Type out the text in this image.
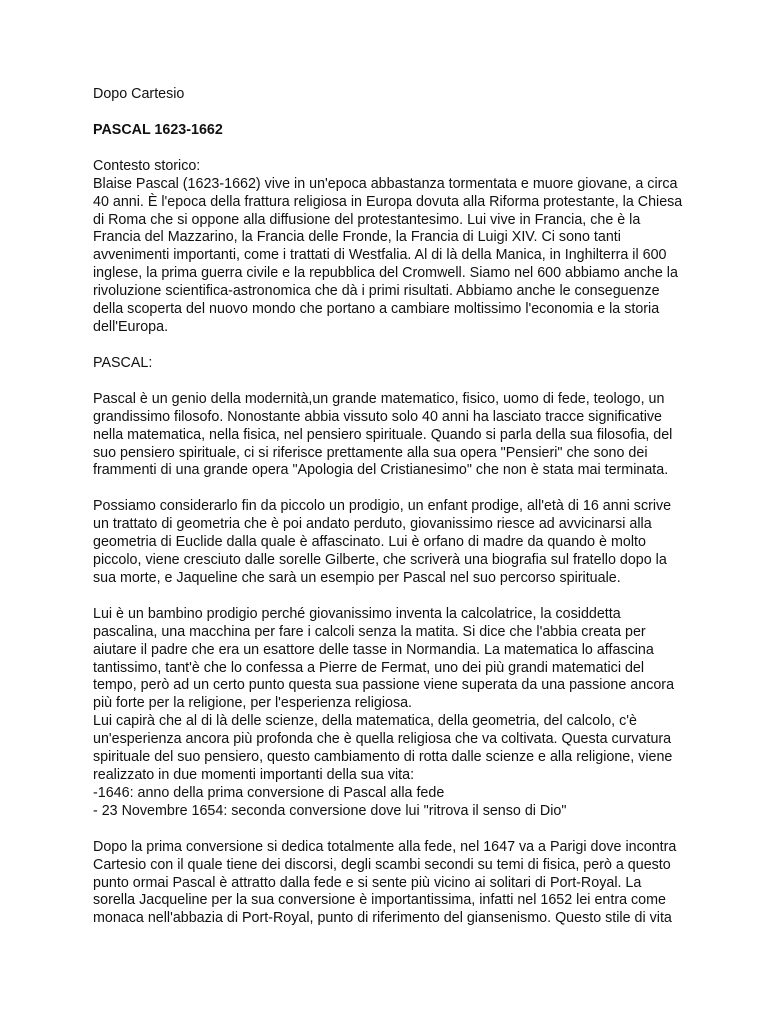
Dopo Cartesio

PASCAL 1623-1662

Contesto storico:

Blaise Pascal (1623-1662) vive in un'epoca abbastanza tormentata e muore giovane, a circa 40 anni. È l'epoca della frattura religiosa in Europa dovuta alla Riforma protestante, la Chiesa di Roma che si oppone alla diffusione del protestantesimo. Lui vive in Francia, che è la Francia del Mazzarino, la Francia delle Fronde, la Francia di Luigi XIV. Ci sono tanti avvenimenti importanti, come i trattati di Westfalia. Al di là della Manica, in Inghilterra il 600 inglese, la prima guerra civile e la repubblica del Cromwell. Siamo nel 600 abbiamo anche la rivoluzione scientifica-astronomica che dà i primi risultati. Abbiamo anche le conseguenze della scoperta del nuovo mondo che portano a cambiare moltissimo l'economia e la storia dell'Europa.

PASCAL:

Pascal è un genio della modernità,un grande matematico, fisico, uomo di fede, teologo, un grandissimo filosofo. Nonostante abbia vissuto solo 40 anni ha lasciato tracce significative nella matematica, nella fisica, nel pensiero spirituale. Quando si parla della sua filosofia, del suo pensiero spirituale, ci si riferisce prettamente alla sua opera "Pensieri" che sono dei frammenti di una grande opera "Apologia del Cristianesimo" che non è stata mai terminata.

Possiamo considerarlo fin da piccolo un prodigio, un enfant prodige, all'età di 16 anni scrive un trattato di geometria che è poi andato perduto, giovanissimo riesce ad avvicinarsi alla geometria di Euclide dalla quale è affascinato. Lui è orfano di madre da quando è molto piccolo, viene cresciuto dalle sorelle Gilberte, che scriverà una biografia sul fratello dopo la sua morte, e Jaqueline che sarà un esempio per Pascal nel suo percorso spirituale.

Lui è un bambino prodigio perché giovanissimo inventa la calcolatrice, la cosiddetta pascalina, una macchina per fare i calcoli senza la matita. Si dice che l'abbia creata per aiutare il padre che era un esattore delle tasse in Normandia. La matematica lo affascina tantissimo, tant'è che lo confessa a Pierre de Fermat, uno dei più grandi matematici del tempo, però ad un certo punto questa sua passione viene superata da una passione ancora più forte per la religione, per l'esperienza religiosa.

Lui capirà che al di là delle scienze, della matematica, della geometria, del calcolo, c'è un'esperienza ancora più profonda che è quella religiosa che va coltivata. Questa curvatura spirituale del suo pensiero, questo cambiamento di rotta dalle scienze e alla religione, viene realizzato in due momenti importanti della sua vita:

-1646: anno della prima conversione di Pascal alla fede

- 23 Novembre 1654: seconda conversione dove lui "ritrova il senso di Dio"

Dopo la prima conversione si dedica totalmente alla fede, nel 1647 va a Parigi dove incontra Cartesio con il quale tiene dei discorsi, degli scambi secondi su temi di fisica, però a questo punto ormai Pascal è attratto dalla fede e si sente più vicino ai solitari di Port-Royal. La sorella Jacqueline per la sua conversione è importantissima, infatti nel 1652 lei entra come monaca nell'abbazia di Port-Royal, punto di riferimento del giansenismo. Questo stile di vita
